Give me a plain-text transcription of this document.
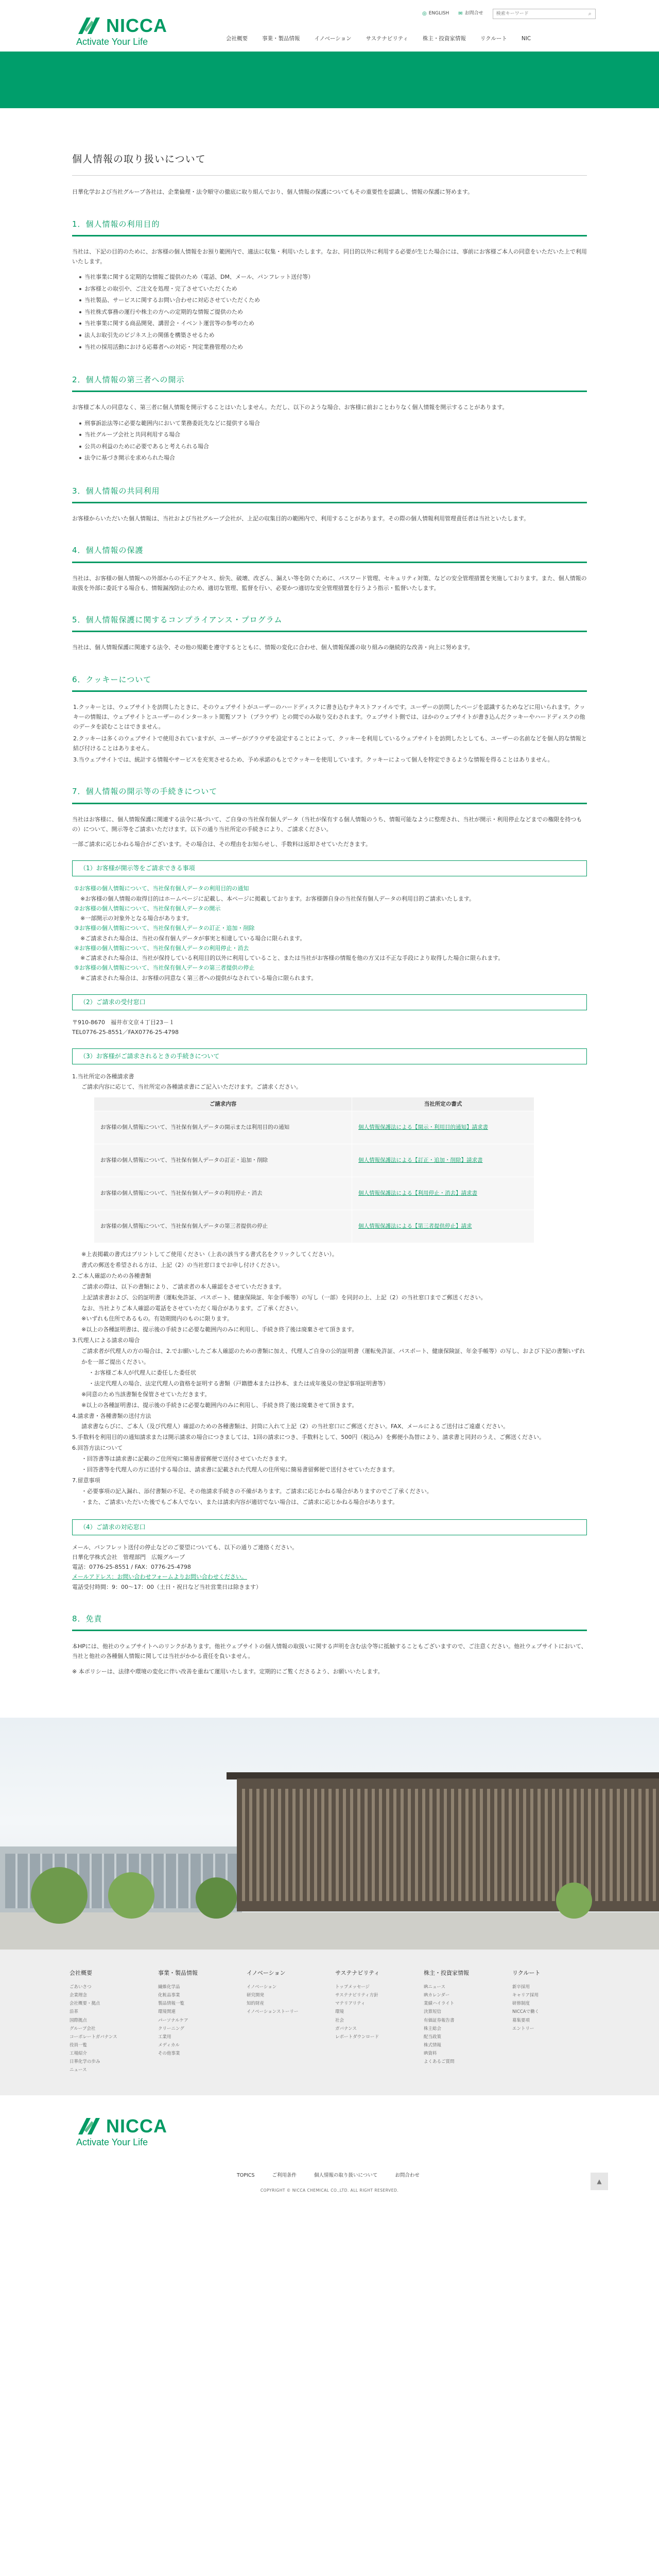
NICCA
Activate Your Life
◎ ENGLISH ✉ お問合せ
検索キーワード	⌕
会社概要	事業・製品情報	イノベーション	サステナビリティ	株主・投資家情報	リクルート	NIC
個人情報の取り扱いについて

日華化学および当社グループ各社は、企業倫理・法令順守の徹底に取り組んでおり、個人情報の保護についてもその重要性を認識し、情報の保護に努めます。

1．個人情報の利用目的

当社は、下記の目的のために、お客様の個人情報をお預り範囲内で、適法に収集・利用いたします。なお、同目的以外に利用する必要が生じた場合には、事前にお客様ご本人の同意をいただいた上で利用いたします。

当社事業に関する定期的な情報ご提供のため（電話、DM、メール、パンフレット送付等）
お客様との取引や、ご注文を処理・完了させていただくため
当社製品、サービスに関するお問い合わせに対応させていただくため
当社株式事務の運行や株主の方への定期的な情報ご提供のため
当社事業に関する商品開発、講習会・イベント運営等の参考のため
法人お取引先のビジネス上の関係を構築させるため
当社の採用活動における応募者への対応・判定業務管理のため
2．個人情報の第三者への開示

お客様ご本人の同意なく、第三者に個人情報を開示することはいたしません。ただし、以下のような場合、お客様に前おことわりなく個人情報を開示することがあります。

刑事訴訟法等に必要な範囲内において業務委託先などに提供する場合
当社グループ会社と共同利用する場合
公共の利益のために必要であると考えられる場合
法令に基づき開示を求められた場合
3．個人情報の共同利用

お客様からいただいた個人情報は、当社および当社グループ会社が、上記の収集目的の範囲内で、利用することがあります。その際の個人情報利用管理責任者は当社といたします。

4．個人情報の保護

当社は、お客様の個人情報への外部からの不正アクセス、紛失、破壊、改ざん、漏えい等を防ぐために、パスワード管理、セキュリティ対策、などの安全管理措置を実施しております。また、個人情報の取扱を外部に委託する場合も、情報漏洩防止のため、適切な管理、監督を行い、必要かつ適切な安全管理措置を行うよう指示・監督いたします。

5．個人情報保護に関するコンプライアンス・プログラム

当社は、個人情報保護に関連する法令、その他の規範を遵守するとともに、情報の変化に合わせ、個人情報保護の取り組みの継続的な改善・向上に努めます。

6．クッキーについて
1.クッキーとは、ウェブサイトを訪問したときに、そのウェブサイトがユーザーのハードディスクに書き込むテキストファイルです。ユーザーの訪問したページを認識するためなどに用いられます。クッキーの情報は、ウェブサイトとユーザーのインターネット閲覧ソフト（ブラウザ）との間でのみ取り交わされます。ウェブサイト側では、ほかのウェブサイトが書き込んだクッキーやハードディスクの他のデータを読むことはできません。
2.クッキーは多くのウェブサイトで使用されていますが、ユーザーがブラウザを設定することによって、クッキーを利用しているウェブサイトを訪問したとしても、ユーザーの名前などを個人的な情報と結び付けることはありません。
3.当ウェブサイトでは、統計する情報やサービスを充実させるため、予め承諾のもとでクッキーを使用しています。クッキーによって個人を特定できるような情報を得ることはありません。
7．個人情報の開示等の手続きについて

当社はお客様に、個人情報保護に関連する法令に基づいて、ご自身の当社保有個人データ（当社が保有する個人情報のうち、情報可能なように整理され、当社が開示・利用停止などまでの権限を持つもの）について、開示等をご請求いただけます。以下の通り当社所定の手続きにより、ご請求ください。

一部ご請求に応じかねる場合がございます。その場合は、その理由をお知らせし、手数料は返却させていただきます。

（1）お客様が開示等をご請求できる事項
①お客様の個人情報について、当社保有個人データの利用目的の通知
※お客様の個人情報の取得目的はホームページに記載し、本ページに掲載しております。お客様御自身の当社保有個人データの利用目的ご請求いたします。
②お客様の個人情報について、当社保有個人データの開示
※一部開示の対象外となる場合があります。
③お客様の個人情報について、当社保有個人データの訂正・追加・削除
※ご請求された場合は、当社の保有個人データが事実と相違している場合に限られます。
④お客様の個人情報について、当社保有個人データの利用停止・消去
※ご請求された場合は、当社が保持している利用目的以外に利用していること、または当社がお客様の情報を他の方又は不正な手段により取得した場合に限られます。
⑤お客様の個人情報について、当社保有個人データの第三者提供の停止
※ご請求された場合は、お客様の同意なく第三者への提供がなされている場合に限られます。
（2）ご請求の受付窓口
〒910-8670　福井市文京４丁目23－１
TEL0776-25-8551／FAX0776-25-4798
（3）お客様がご請求されるときの手続きについて
1.当社所定の各種請求書
ご請求内容に応じて、当社所定の各種請求書にご記入いただけます。ご請求ください。
ご請求内容	当社所定の書式
お客様の個人情報について、当社保有個人データの開示または利用目的の通知	個人情報保護法による【開示・利用目的通知】請求書
お客様の個人情報について、当社保有個人データの訂正・追加・削除	個人情報保護法による【訂正・追加・削除】請求書
お客様の個人情報について、当社保有個人データの利用停止・消去	個人情報保護法による【利用停止・消去】請求書
お客様の個人情報について、当社保有個人データの第三者提供の停止	個人情報保護法による【第三者提供停止】請求
※上表掲載の書式はプリントしてご使用ください（上表の該当する書式名をクリックしてください）。
書式の郵送を希望される方は、上記（2）の当社窓口までお申し付けください。
2.ご本人確認のための各種書類
ご請求の際は、以下の書類により、ご請求者の本人確認をさせていただきます。
上記請求書および、公的証明書（運転免許証、パスポート、健康保険証、年金手帳等）の写し（一部）を同封の上、上記（2）の当社窓口までご郵送ください。
なお、当社よりご本人確認の電話をさせていただく場合があります。ご了承ください。
※いずれも住所であるもの。有効期間内のものに限ります。
※以上の各種証明書は、提示後の手続きに必要な範囲内のみに利用し、手続き終了後は廃棄させて頂きます。
3.代理人による請求の場合
ご請求者が代理人の方の場合は、2.でお願いしたご本人確認のための書類に加え、代理人ご自身の公的証明書（運転免許証、パスポート、健康保険証、年金手帳等）の写し、および下記の書類いずれかを一部ご提出ください。
・お客様ご本人が代理人に委任した委任状
・法定代理人の場合、法定代理人の資格を証明する書類（戸籍謄本または抄本、または成年後見の登記事項証明書等）
※同意のため当該書類を保管させていただきます。
※以上の各種証明書は、提示後の手続きに必要な範囲内のみに利用し、手続き終了後は廃棄させて頂きます。
4.請求書・各種書類の送付方法
請求書ならびに、ご本人（及び代理人）確認のための各種書類は、封筒に入れて上記（2）の当社窓口にご郵送ください。FAX、メールによるご送付はご遠慮ください。
5.手数料を利用目的の通知請求または開示請求の場合につきましては、1回の請求につき、手数料として、500円（税込み）を郵便小為替により、請求書と同封のうえ、ご郵送ください。
6.回答方法について
・回答書等は請求書に記載のご住所宛に簡易書留郵便で送付させていただきます。
・回答書等を代理人の方に送付する場合は、請求書に記載された代理人の住所宛に簡易書留郵便で送付させていただきます。
7.留意事項
・必要事項の記入漏れ、添付書類の不足、その他請求手続きの不備があります。ご請求に応じかねる場合がありますのでご了承ください。
・また、ご請求いただいた後でもご本人でない、または請求内容が適切でない場合は、ご請求に応じかねる場合があります。
（4）ご請求の対応窓口
メール、パンフレット送付の停止などのご要望についても、以下の通りご連絡ください。
日華化学株式会社　管理部門　広報グループ
電話：0776-25-8551 / FAX：0776-25-4798
メールアドレス：お問い合わせフォームよりお問い合わせください。
電話受付時間：9：00〜17：00（土日・祝日など当社営業日は除きます）
8．免責

本HPには、他社のウェブサイトへのリンクがあります。他社ウェブサイトの個人情報の取扱いに関する声明を含む法令等に抵触することもございますので、ご注意ください。他社ウェブサイトにおいて、当社と他社の各種個人情報に関しては当社がかかる責任を負いません。

※ 本ポリシーは、法律や環境の変化に伴い改善を重ねて運用いたします。定期的にご覧くださるよう、お願いいたします。

会社概要
ごあいさつ
企業理念
会社概要・拠点
沿革
国際拠点
グループ会社
コーポレートガバナンス
役員一覧
工場紹介
日華化学の歩み
ニュース
事業・製品情報
繊維化学品
化粧品事業
製品情報一覧
環境関連
パーソナルケア
クリーニング
工業用
メディカル
その他事業
イノベーション
イノベーション
研究開発
知的財産
イノベーションストーリー
サステナビリティ
トップメッセージ
サステナビリティ方針
マテリアリティ
環境
社会
ガバナンス
レポートダウンロード
株主・投資家情報
IRニュース
IRカレンダー
業績ハイライト
決算短信
有価証券報告書
株主総会
配当政策
株式情報
IR資料
よくあるご質問
リクルート
新卒採用
キャリア採用
研修制度
NICCAで働く
募集要項
エントリー
NICCA
Activate Your Life
TOPICS	ご利用条件	個人情報の取り扱いについて	お問合わせ
▲
COPYRIGHT © NICCA CHEMICAL CO.,LTD. ALL RIGHT RESERVED.
